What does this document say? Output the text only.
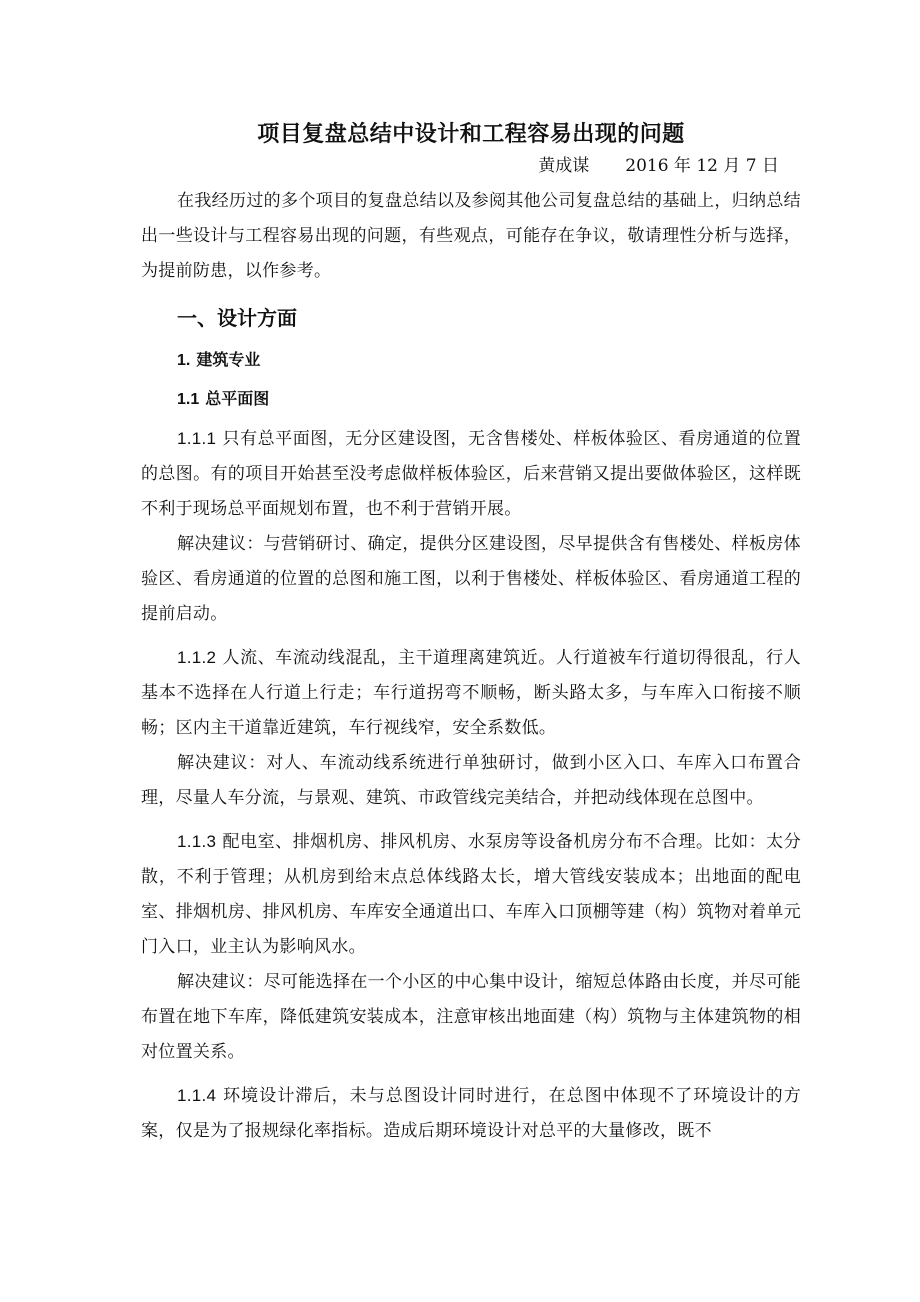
项目复盘总结中设计和工程容易出现的问题
黄成谋 2016 年 12 月 7 日

在我经历过的多个项目的复盘总结以及参阅其他公司复盘总结的基础上，归纳总结出一些设计与工程容易出现的问题，有些观点，可能存在争议，敬请理性分析与选择，为提前防患，以作参考。

一、设计方面
1. 建筑专业
1.1 总平面图

1.1.1 只有总平面图，无分区建设图，无含售楼处、样板体验区、看房通道的位置的总图。有的项目开始甚至没考虑做样板体验区，后来营销又提出要做体验区，这样既不利于现场总平面规划布置，也不利于营销开展。

解决建议：与营销研讨、确定，提供分区建设图，尽早提供含有售楼处、样板房体验区、看房通道的位置的总图和施工图，以利于售楼处、样板体验区、看房通道工程的提前启动。

1.1.2 人流、车流动线混乱，主干道理离建筑近。人行道被车行道切得很乱，行人基本不选择在人行道上行走；车行道拐弯不顺畅，断头路太多，与车库入口衔接不顺畅；区内主干道靠近建筑，车行视线窄，安全系数低。

解决建议：对人、车流动线系统进行单独研讨，做到小区入口、车库入口布置合理，尽量人车分流，与景观、建筑、市政管线完美结合，并把动线体现在总图中。

1.1.3 配电室、排烟机房、排风机房、水泵房等设备机房分布不合理。比如：太分散，不利于管理；从机房到给末点总体线路太长，增大管线安装成本；出地面的配电室、排烟机房、排风机房、车库安全通道出口、车库入口顶棚等建（构）筑物对着单元门入口，业主认为影响风水。

解决建议：尽可能选择在一个小区的中心集中设计，缩短总体路由长度，并尽可能布置在地下车库，降低建筑安装成本，注意审核出地面建（构）筑物与主体建筑物的相对位置关系。

1.1.4 环境设计滞后，未与总图设计同时进行，在总图中体现不了环境设计的方案，仅是为了报规绿化率指标。造成后期环境设计对总平的大量修改，既不
